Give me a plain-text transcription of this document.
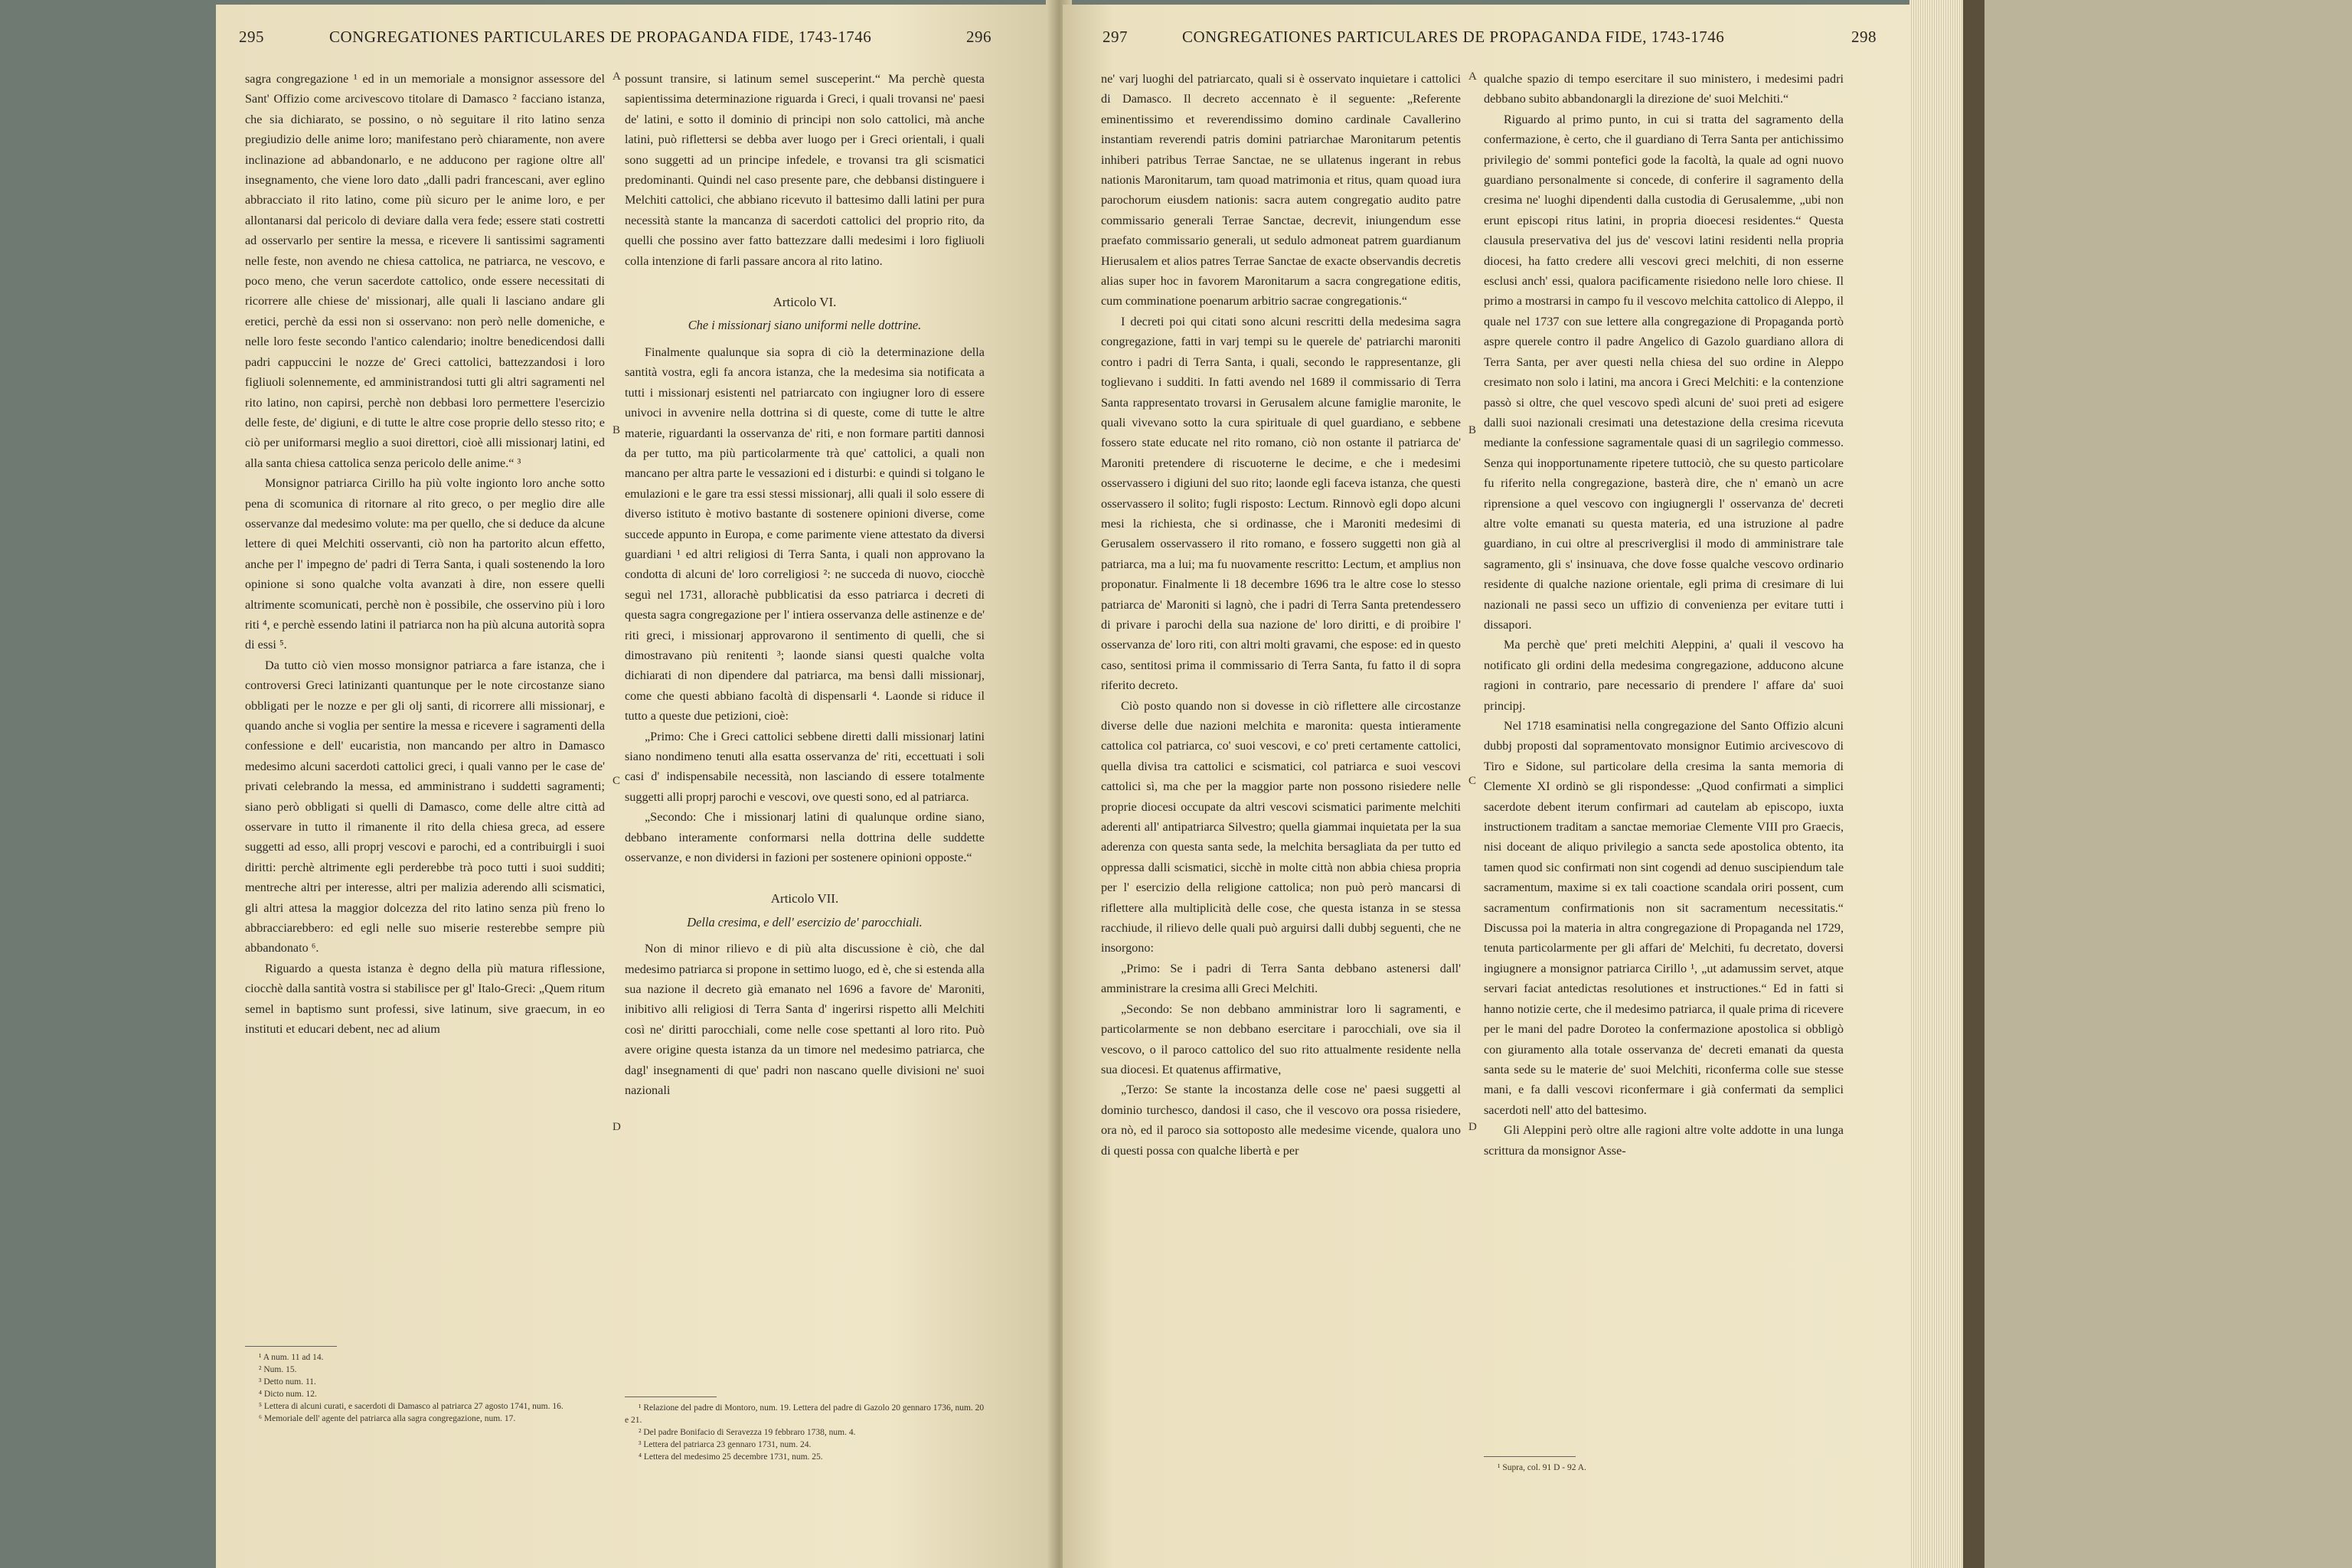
295	CONGREGATIONES PARTICULARES DE PROPAGANDA FIDE, 1743-1746	296

sagra congregazione ¹ ed in un memoriale a monsignor assessore del Sant' Offizio come arcivescovo titolare di Damasco ² facciano istanza, che sia dichiarato, se possino, o nò seguitare il rito latino senza pregiudizio delle anime loro; manifestano però chiaramente, non avere inclinazione ad abbandonarlo, e ne adducono per ragione oltre all' insegnamento, che viene loro dato „dalli padri francescani, aver eglino abbracciato il rito latino, come più sicuro per le anime loro, e per allontanarsi dal pericolo di deviare dalla vera fede; essere stati costretti ad osservarlo per sentire la messa, e ricevere li santissimi sagramenti nelle feste, non avendo ne chiesa cattolica, ne patriarca, ne vescovo, e poco meno, che verun sacerdote cattolico, onde essere necessitati di ricorrere alle chiese de' missionarj, alle quali li lasciano andare gli eretici, perchè da essi non si osservano: non però nelle domeniche, e nelle loro feste secondo l'antico calendario; inoltre benedicendosi dalli padri cappuccini le nozze de' Greci cattolici, battezzandosi i loro figliuoli solennemente, ed amministrandosi tutti gli altri sagramenti nel rito latino, non capirsi, perchè non debbasi loro permettere l'esercizio delle feste, de' digiuni, e di tutte le altre cose proprie dello stesso rito; e ciò per uniformarsi meglio a suoi direttori, cioè alli missionarj latini, ed alla santa chiesa cattolica senza pericolo delle anime.“ ³

Monsignor patriarca Cirillo ha più volte ingionto loro anche sotto pena di scomunica di ritornare al rito greco, o per meglio dire alle osservanze dal medesimo volute: ma per quello, che si deduce da alcune lettere di quei Melchiti osservanti, ciò non ha partorito alcun effetto, anche per l' impegno de' padri di Terra Santa, i quali sostenendo la loro opinione si sono qualche volta avanzati à dire, non essere quelli altrimente scomunicati, perchè non è possibile, che osservino più i loro riti ⁴, e perchè essendo latini il patriarca non ha più alcuna autorità sopra di essi ⁵.

Da tutto ciò vien mosso monsignor patriarca a fare istanza, che i controversi Greci latinizanti quantunque per le note circostanze siano obbligati per le nozze e per gli olj santi, di ricorrere alli missionarj, e quando anche si voglia per sentire la messa e ricevere i sagramenti della confessione e dell' eucaristia, non mancando per altro in Damasco medesimo alcuni sacerdoti cattolici greci, i quali vanno per le case de' privati celebrando la messa, ed amministrano i suddetti sagramenti; siano però obbligati si quelli di Damasco, come delle altre città ad osservare in tutto il rimanente il rito della chiesa greca, ad essere suggetti ad esso, alli proprj vescovi e parochi, ed a contribuirgli i suoi diritti: perchè altrimente egli perderebbe trà poco tutti i suoi sudditi; mentreche altri per interesse, altri per malizia aderendo alli scismatici, gli altri attesa la maggior dolcezza del rito latino senza più freno lo abbracciarebbero: ed egli nelle suo miserie resterebbe sempre più abbandonato ⁶.

Riguardo a questa istanza è degno della più matura riflessione, ciocchè dalla santità vostra si stabilisce per gl' Italo-Greci: „Quem ritum semel in baptismo sunt professi, sive latinum, sive graecum, in eo instituti et educari debent, nec ad alium

A
B
C
D
¹ A num. 11 ad 14.
² Num. 15.
³ Detto num. 11.
⁴ Dicto num. 12.
⁵ Lettera di alcuni curati, e sacerdoti di Damasco al patriarca 27 agosto 1741, num. 16.
⁶ Memoriale dell' agente del patriarca alla sagra congregazione, num. 17.

possunt transire, si latinum semel susceperint.“ Ma perchè questa sapientissima determinazione riguarda i Greci, i quali trovansi ne' paesi de' latini, e sotto il dominio di principi non solo cattolici, mà anche latini, può riflettersi se debba aver luogo per i Greci orientali, i quali sono suggetti ad un principe infedele, e trovansi tra gli scismatici predominanti. Quindi nel caso presente pare, che debbansi distinguere i Melchiti cattolici, che abbiano ricevuto il battesimo dalli latini per pura necessità stante la mancanza di sacerdoti cattolici del proprio rito, da quelli che possino aver fatto battezzare dalli medesimi i loro figliuoli colla intenzione di farli passare ancora al rito latino.

Articolo VI.
Che i missionarj siano uniformi nelle dottrine.

Finalmente qualunque sia sopra di ciò la determinazione della santità vostra, egli fa ancora istanza, che la medesima sia notificata a tutti i missionarj esistenti nel patriarcato con ingiugner loro di essere univoci in avvenire nella dottrina si di queste, come di tutte le altre materie, riguardanti la osservanza de' riti, e non formare partiti dannosi da per tutto, ma più particolarmente trà que' cattolici, a quali non mancano per altra parte le vessazioni ed i disturbi: e quindi si tolgano le emulazioni e le gare tra essi stessi missionarj, alli quali il solo essere di diverso istituto è motivo bastante di sostenere opinioni diverse, come succede appunto in Europa, e come parimente viene attestato da diversi guardiani ¹ ed altri religiosi di Terra Santa, i quali non approvano la condotta di alcuni de' loro correligiosi ²: ne succeda di nuovo, ciocchè seguì nel 1731, allorachè pubblicatisi da esso patriarca i decreti di questa sagra congregazione per l' intiera osservanza delle astinenze e de' riti greci, i missionarj approvarono il sentimento di quelli, che si dimostravano più renitenti ³; laonde siansi questi qualche volta dichiarati di non dipendere dal patriarca, ma bensì dalli missionarj, come che questi abbiano facoltà di dispensarli ⁴. Laonde si riduce il tutto a queste due petizioni, cioè:

„Primo: Che i Greci cattolici sebbene diretti dalli missionarj latini siano nondimeno tenuti alla esatta osservanza de' riti, eccettuati i soli casi d' indispensabile necessità, non lasciando di essere totalmente suggetti alli proprj parochi e vescovi, ove questi sono, ed al patriarca.

„Secondo: Che i missionarj latini di qualunque ordine siano, debbano interamente conformarsi nella dottrina delle suddette osservanze, e non dividersi in fazioni per sostenere opinioni opposte.“

Articolo VII.
Della cresima, e dell' esercizio de' parocchiali.

Non di minor rilievo e di più alta discussione è ciò, che dal medesimo patriarca si propone in settimo luogo, ed è, che si estenda alla sua nazione il decreto già emanato nel 1696 a favore de' Maroniti, inibitivo alli religiosi di Terra Santa d' ingerirsi rispetto alli Melchiti così ne' diritti parocchiali, come nelle cose spettanti al loro rito. Può avere origine questa istanza da un timore nel medesimo patriarca, che dagl' insegnamenti di que' padri non nascano quelle divisioni ne' suoi nazionali

¹ Relazione del padre di Montoro, num. 19. Lettera del padre di Gazolo 20 gennaro 1736, num. 20 e 21.
² Del padre Bonifacio di Seravezza 19 febbraro 1738, num. 4.
³ Lettera del patriarca 23 gennaro 1731, num. 24.
⁴ Lettera del medesimo 25 decembre 1731, num. 25.
297	CONGREGATIONES PARTICULARES DE PROPAGANDA FIDE, 1743-1746	298

ne' varj luoghi del patriarcato, quali si è osservato inquietare i cattolici di Damasco. Il decreto accennato è il seguente: „Referente eminentissimo et reverendissimo domino cardinale Cavallerino instantiam reverendi patris domini patriarchae Maronitarum petentis inhiberi patribus Terrae Sanctae, ne se ullatenus ingerant in rebus nationis Maronitarum, tam quoad matrimonia et ritus, quam quoad iura parochorum eiusdem nationis: sacra autem congregatio audito patre commissario generali Terrae Sanctae, decrevit, iniungendum esse praefato commissario generali, ut sedulo admoneat patrem guardianum Hierusalem et alios patres Terrae Sanctae de exacte observandis decretis alias super hoc in favorem Maronitarum a sacra congregatione editis, cum comminatione poenarum arbitrio sacrae congregationis.“

I decreti poi qui citati sono alcuni rescritti della medesima sagra congregazione, fatti in varj tempi su le querele de' patriarchi maroniti contro i padri di Terra Santa, i quali, secondo le rappresentanze, gli toglievano i sudditi. In fatti avendo nel 1689 il commissario di Terra Santa rappresentato trovarsi in Gerusalem alcune famiglie maronite, le quali vivevano sotto la cura spirituale di quel guardiano, e sebbene fossero state educate nel rito romano, ciò non ostante il patriarca de' Maroniti pretendere di riscuoterne le decime, e che i medesimi osservassero i digiuni del suo rito; laonde egli faceva istanza, che questi osservassero il solito; fugli risposto: Lectum. Rinnovò egli dopo alcuni mesi la richiesta, che si ordinasse, che i Maroniti medesimi di Gerusalem osservassero il rito romano, e fossero suggetti non già al patriarca, ma a lui; ma fu nuovamente rescritto: Lectum, et amplius non proponatur. Finalmente li 18 decembre 1696 tra le altre cose lo stesso patriarca de' Maroniti si lagnò, che i padri di Terra Santa pretendessero di privare i parochi della sua nazione de' loro diritti, e di proibire l' osservanza de' loro riti, con altri molti gravami, che espose: ed in questo caso, sentitosi prima il commissario di Terra Santa, fu fatto il di sopra riferito decreto.

Ciò posto quando non si dovesse in ciò riflettere alle circostanze diverse delle due nazioni melchita e maronita: questa intieramente cattolica col patriarca, co' suoi vescovi, e co' preti certamente cattolici, quella divisa tra cattolici e scismatici, col patriarca e suoi vescovi cattolici sì, ma che per la maggior parte non possono risiedere nelle proprie diocesi occupate da altri vescovi scismatici parimente melchiti aderenti all' antipatriarca Silvestro; quella giammai inquietata per la sua aderenza con questa santa sede, la melchita bersagliata da per tutto ed oppressa dalli scismatici, sicchè in molte città non abbia chiesa propria per l' esercizio della religione cattolica; non può però mancarsi di riflettere alla multiplicità delle cose, che questa istanza in se stessa racchiude, il rilievo delle quali può arguirsi dalli dubbj seguenti, che ne insorgono:

„Primo: Se i padri di Terra Santa debbano astenersi dall' amministrare la cresima alli Greci Melchiti.

„Secondo: Se non debbano amministrar loro li sagramenti, e particolarmente se non debbano esercitare i parocchiali, ove sia il vescovo, o il paroco cattolico del suo rito attualmente residente nella sua diocesi. Et quatenus affirmative,

„Terzo: Se stante la incostanza delle cose ne' paesi suggetti al dominio turchesco, dandosi il caso, che il vescovo ora possa risiedere, ora nò, ed il paroco sia sottoposto alle medesime vicende, qualora uno di questi possa con qualche libertà e per

A
B
C
D

qualche spazio di tempo esercitare il suo ministero, i medesimi padri debbano subito abbandonargli la direzione de' suoi Melchiti.“

Riguardo al primo punto, in cui si tratta del sagramento della confermazione, è certo, che il guardiano di Terra Santa per antichissimo privilegio de' sommi pontefici gode la facoltà, la quale ad ogni nuovo guardiano personalmente si concede, di conferire il sagramento della cresima ne' luoghi dipendenti dalla custodia di Gerusalemme, „ubi non erunt episcopi ritus latini, in propria dioecesi residentes.“ Questa clausula preservativa del jus de' vescovi latini residenti nella propria diocesi, ha fatto credere alli vescovi greci melchiti, di non esserne esclusi anch' essi, qualora pacificamente risiedono nelle loro chiese. Il primo a mostrarsi in campo fu il vescovo melchita cattolico di Aleppo, il quale nel 1737 con sue lettere alla congregazione di Propaganda portò aspre querele contro il padre Angelico di Gazolo guardiano allora di Terra Santa, per aver questi nella chiesa del suo ordine in Aleppo cresimato non solo i latini, ma ancora i Greci Melchiti: e la contenzione passò si oltre, che quel vescovo spedì alcuni de' suoi preti ad esigere dalli suoi nazionali cresimati una detestazione della cresima ricevuta mediante la confessione sagramentale quasi di un sagrilegio commesso. Senza qui inopportunamente ripetere tuttociò, che su questo particolare fu riferito nella congregazione, basterà dire, che n' emanò un acre riprensione a quel vescovo con ingiugnergli l' osservanza de' decreti altre volte emanati su questa materia, ed una istruzione al padre guardiano, in cui oltre al prescriverglisi il modo di amministrare tale sagramento, gli s' insinuava, che dove fosse qualche vescovo ordinario residente di qualche nazione orientale, egli prima di cresimare di lui nazionali ne passi seco un uffizio di convenienza per evitare tutti i dissapori.

Ma perchè que' preti melchiti Aleppini, a' quali il vescovo ha notificato gli ordini della medesima congregazione, adducono alcune ragioni in contrario, pare necessario di prendere l' affare da' suoi principj.

Nel 1718 esaminatisi nella congregazione del Santo Offizio alcuni dubbj proposti dal sopramentovato monsignor Eutimio arcivescovo di Tiro e Sidone, sul particolare della cresima la santa memoria di Clemente XI ordinò se gli rispondesse: „Quod confirmati a simplici sacerdote debent iterum confirmari ad cautelam ab episcopo, iuxta instructionem traditam a sanctae memoriae Clemente VIII pro Graecis, nisi doceant de aliquo privilegio a sancta sede apostolica obtento, ita tamen quod sic confirmati non sint cogendi ad denuo suscipiendum tale sacramentum, maxime si ex tali coactione scandala oriri possent, cum sacramentum confirmationis non sit sacramentum necessitatis.“ Discussa poi la materia in altra congregazione di Propaganda nel 1729, tenuta particolarmente per gli affari de' Melchiti, fu decretato, doversi ingiugnere a monsignor patriarca Cirillo ¹, „ut adamussim servet, atque servari faciat antedictas resolutiones et instructiones.“ Ed in fatti si hanno notizie certe, che il medesimo patriarca, il quale prima di ricevere per le mani del padre Doroteo la confermazione apostolica si obbligò con giuramento alla totale osservanza de' decreti emanati da questa santa sede su le materie de' suoi Melchiti, riconferma colle sue stesse mani, e fa dalli vescovi riconfermare i già confermati da semplici sacerdoti nell' atto del battesimo.

Gli Aleppini però oltre alle ragioni altre volte addotte in una lunga scrittura da monsignor Asse-

¹ Supra, col. 91 D - 92 A.
